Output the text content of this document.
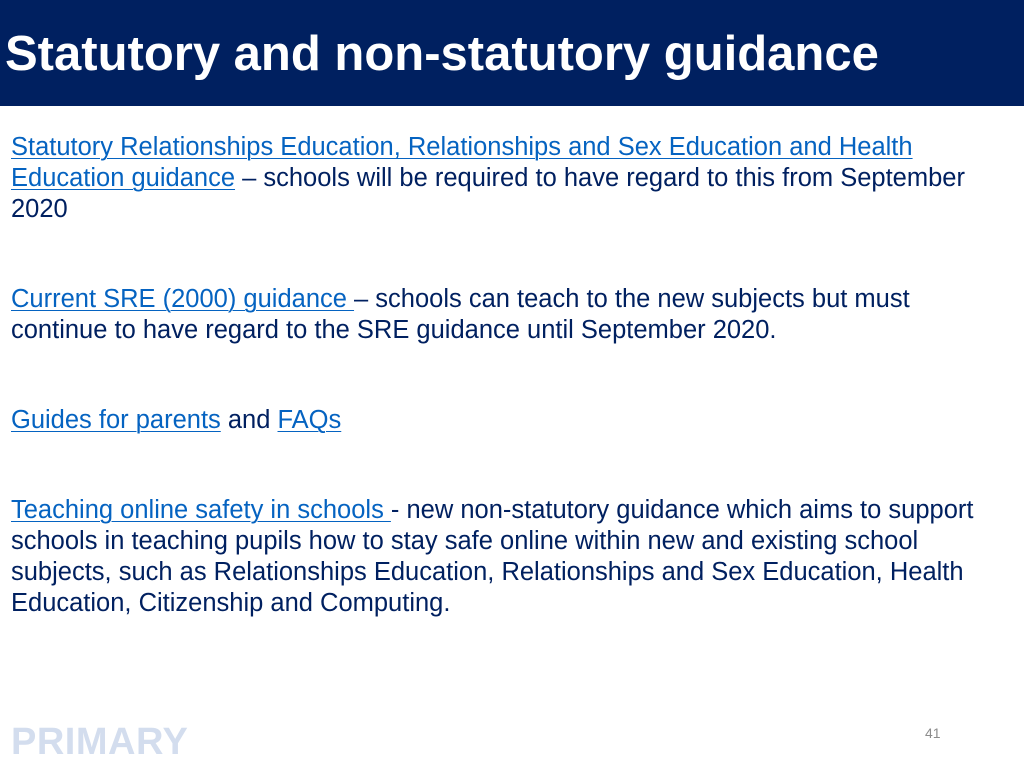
Statutory and non-statutory guidance

Statutory Relationships Education, Relationships and Sex Education and Health Education guidance – schools will be required to have regard to this from September 2020

Current SRE (2000) guidance – schools can teach to the new subjects but must continue to have regard to the SRE guidance until September 2020.

Guides for parents and FAQs

Teaching online safety in schools - new non-statutory guidance which aims to support schools in teaching pupils how to stay safe online within new and existing school subjects, such as Relationships Education, Relationships and Sex Education, Health Education, Citizenship and Computing.

PRIMARY	41
